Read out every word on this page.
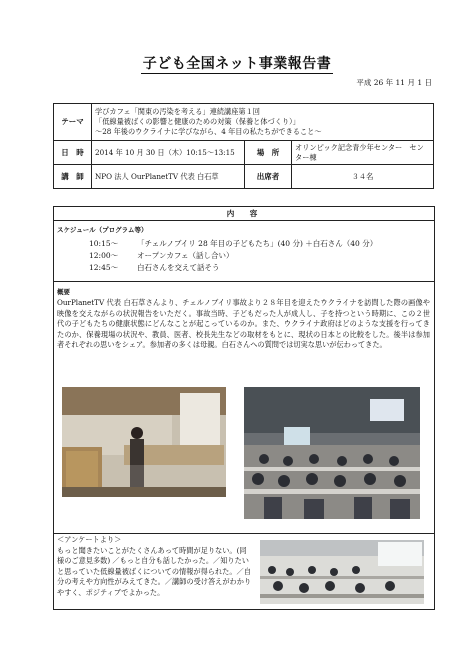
子ども全国ネット事業報告書
平成 26 年 11 月 1 日
テーマ	学びカフェ「関東の汚染を考える」連続講座第１回
「低線量被ばくの影響と健康のための対策（保養と体づくり）」
〜28 年後のウクライナに学びながら、4 年目の私たちができること〜		

日　時	2014 年 10 月 30 日（木）10:15〜13:15	場　所	オリンピック記念青少年センター　センター棟
講　師	NPO 法人 OurPlanetTV 代表 白石草	出席者	３４名
内　容
スケジュール（プログラム等）
10:15〜	「チェルノブイリ 28 年目の子どもたち」(40 分) ＋白石さん（40 分）
12:00〜	オープンカフェ（話し合い）
12:45〜	白石さんを交えて話そう
概要
OurPlanetTV 代表 白石草さんより、チェルノブイリ事故より２８年目を迎えたウクライナを訪問した際の画像や映像を交えながらの状況報告をいただく。事故当時、子どもだった人が成人し、子を持つという時期に、この２世代の子どもたちの健康状態にどんなことが起こっているのか。また、ウクライナ政府はどのような支援を行ってきたのか、保養現場の状況や、教員、医者、校長先生などの取材をもとに、現状の日本との比較をした。後半は参加者それぞれの思いをシェア。参加者の多くは母親。白石さんへの質問では切実な思いが伝わってきた。
＜アンケートより＞
もっと聞きたいことがたくさんあって時間が足りない。(同様のご意見多数) ／もっと自分も話したかった。／知りたいと思っていた低線量被ばくについての情報が得られた。／自分の考えや方向性がみえてきた。／講師の受け答えがわかりやすく、ポジティブでよかった。
